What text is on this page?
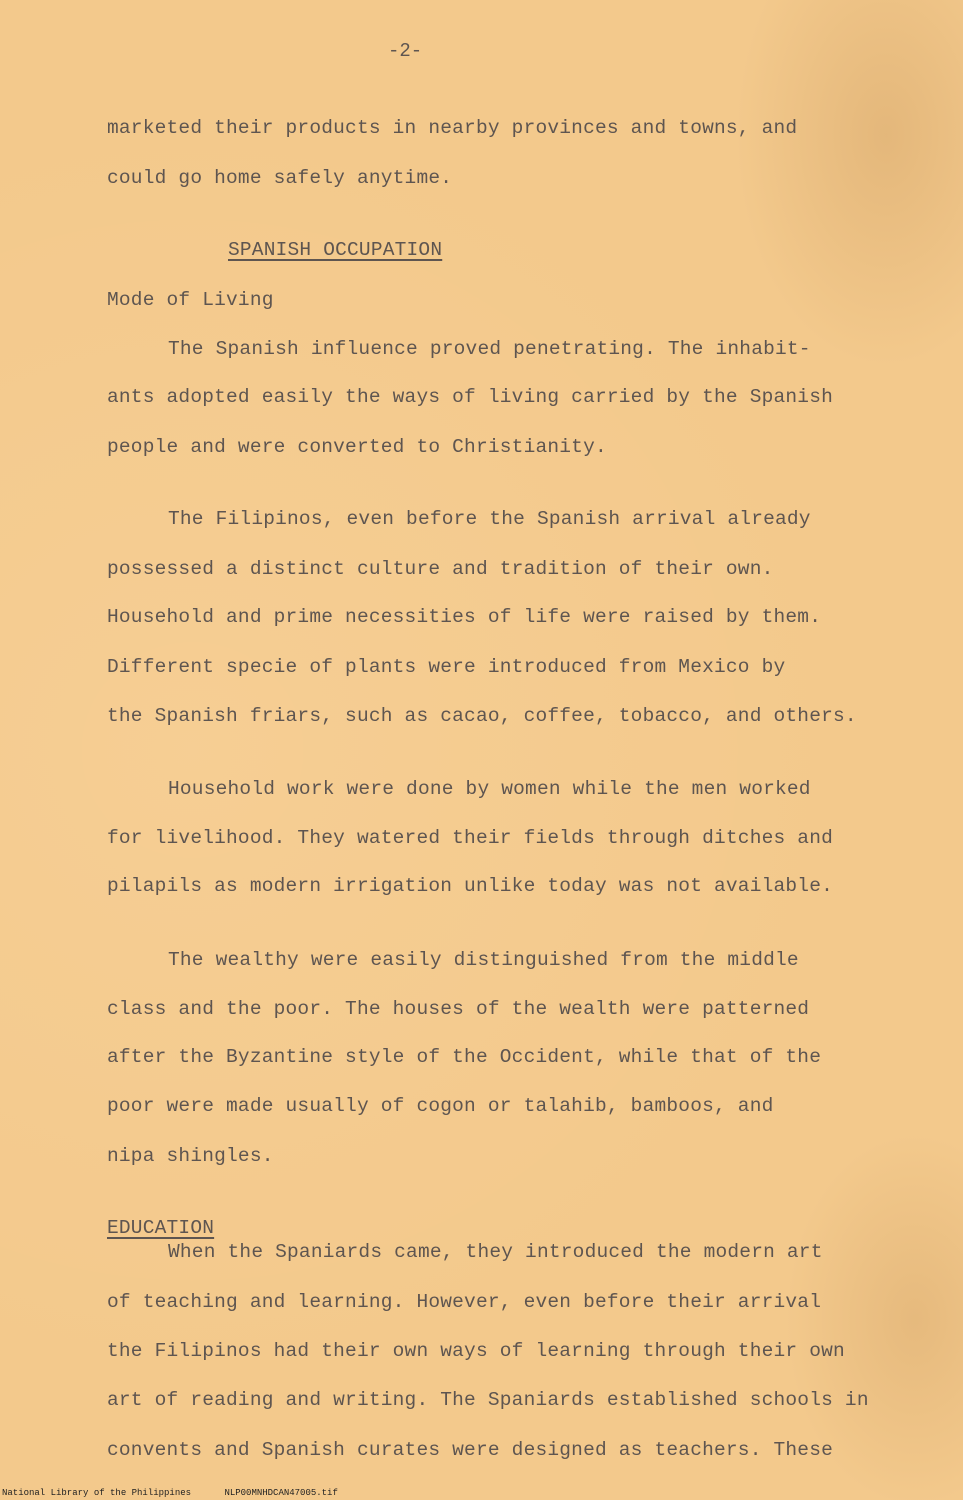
-2-
marketed their products in nearby provinces and towns, and
could go home safely anytime.
SPANISH OCCUPATION
Mode of Living
The Spanish influence proved penetrating. The inhabit-
ants adopted easily the ways of living carried by the Spanish
people and were converted to Christianity.
The Filipinos, even before the Spanish arrival already
possessed a distinct culture and tradition of their own.
Household and prime necessities of life were raised by them.
Different specie of plants were introduced from Mexico by
the Spanish friars, such as cacao, coffee, tobacco, and others.
Household work were done by women while the men worked
for livelihood. They watered their fields through ditches and
pilapils as modern irrigation unlike today was not available.
The wealthy were easily distinguished from the middle
class and the poor. The houses of the wealth were patterned
after the Byzantine style of the Occident, while that of the
poor were made usually of cogon or talahib, bamboos, and
nipa shingles.
EDUCATION
When the Spaniards came, they introduced the modern art
of teaching and learning. However, even before their arrival
the Filipinos had their own ways of learning through their own
art of reading and writing. The Spaniards established schools in
convents and Spanish curates were designed as teachers. These
National Library of the Philippines	NLP00MNHDCAN47005.tif
